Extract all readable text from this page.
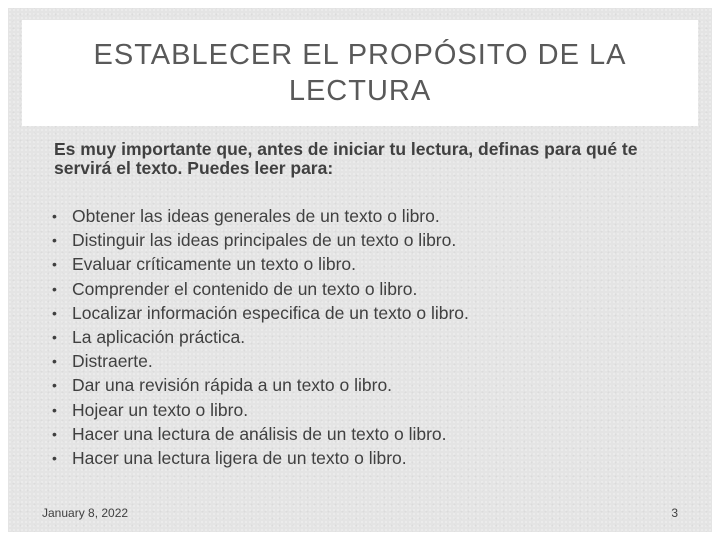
ESTABLECER EL PROPÓSITO DE LA LECTURA

Es muy importante que, antes de iniciar tu lectura, definas para qué te servirá el texto. Puedes leer para:

• Obtener las ideas generales de un texto o libro.
• Distinguir las ideas principales de un texto o libro.
• Evaluar críticamente un texto o libro.
• Comprender el contenido de un texto o libro.
• Localizar información especifica de un texto o libro.
• La aplicación práctica.
• Distraerte.
• Dar una revisión rápida a un texto o libro.
• Hojear un texto o libro.
• Hacer una lectura de análisis de un texto o libro.
• Hacer una lectura ligera de un texto o libro.
January 8, 2022	3
